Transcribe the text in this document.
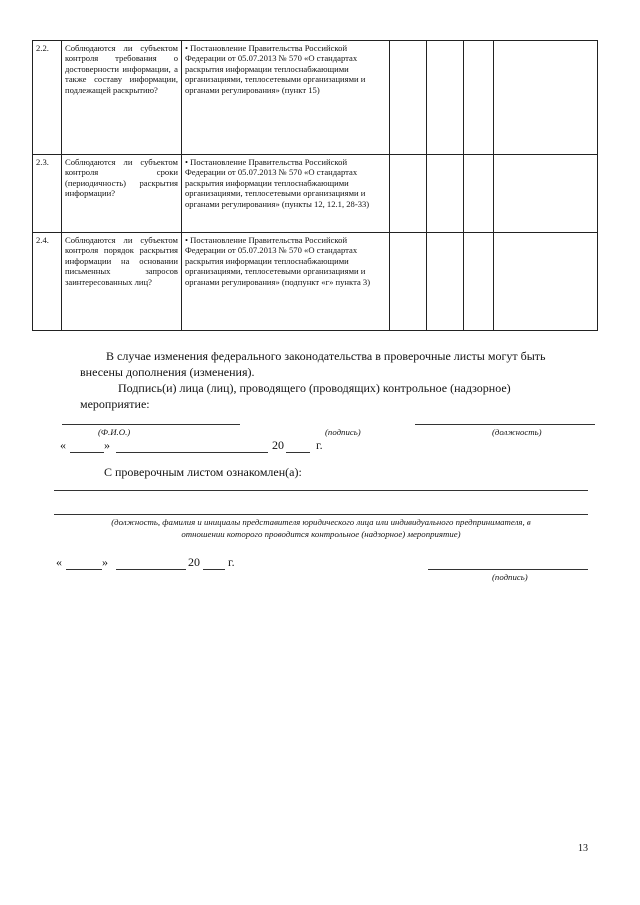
2.2.	Соблюдаются ли субъектом контроля требования о достоверности информации, а также составу информации, подлежащей раскрытию?	• Постановление Правительства Российской Федерации от 05.07.2013 № 570 «О стандартах раскрытия информации теплоснабжающими организациями, теплосетевыми организациями и органами регулирования» (пункт 15)				

2.3.	Соблюдаются ли субъектом контроля сроки (периодичность) раскрытия информации?	• Постановление Правительства Российской Федерации от 05.07.2013 № 570 «О стандартах раскрытия информации теплоснабжающими организациями, теплосетевыми организациями и органами регулирования» (пункты 12, 12.1, 28-33)				

2.4.	Соблюдаются ли субъектом контроля порядок раскрытия информации на основании письменных запросов заинтересованных лиц?	• Постановление Правительства Российской Федерации от 05.07.2013 № 570 «О стандартах раскрытия информации теплоснабжающими организациями, теплосетевыми организациями и органами регулирования» (подпункт «г» пункта 3)				

В случае изменения федерального законодательства в проверочные листы могут быть
внесены дополнения (изменения).
Подпись(и) лица (лиц), проводящего (проводящих) контрольное (надзорное)
мероприятие:
(Ф.И.О.)	(подпись)	(должность)
«	»	20	г.
С проверочным листом ознакомлен(а):
(должность, фамилия и инициалы представителя юридического лица или индивидуального предпринимателя, в
отношении которого проводится контрольное (надзорное) мероприятие)
«	»	20 г.
(подпись)
13
